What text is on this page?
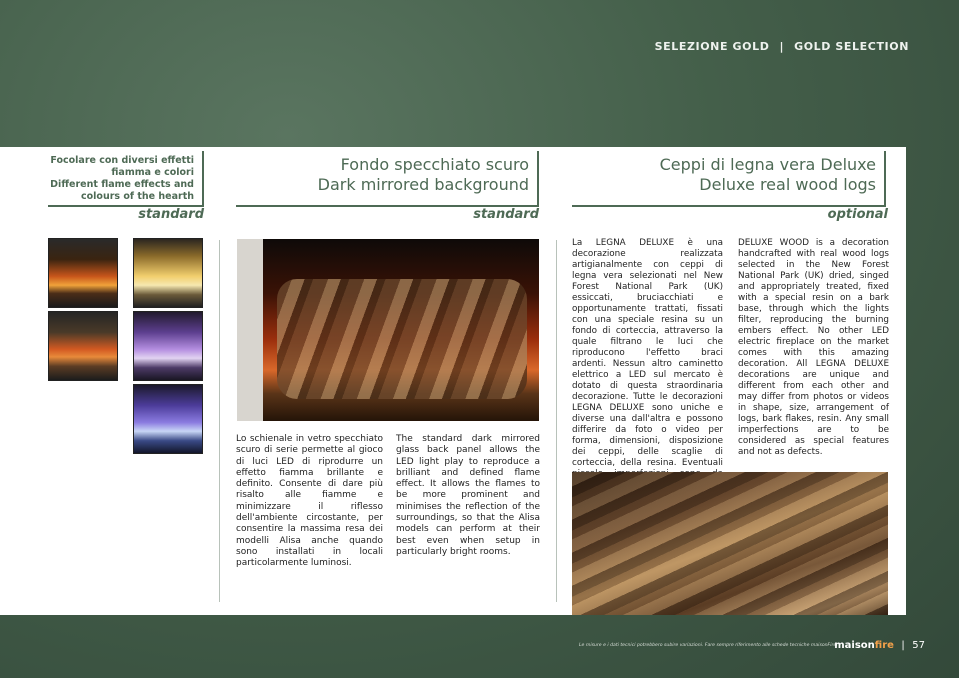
SELEZIONE GOLD | GOLD SELECTION
Focolare con diversi effetti fiamma e colori
Different flame effects and colours of the hearth
standard
Fondo specchiato scuro
Dark mirrored background
standard

Lo schienale in vetro specchiato scuro di serie permette al gioco di luci LED di riprodurre un effetto fiamma brillante e definito. Consente di dare più risalto alle fiamme e minimizzare il riflesso dell'ambiente circostante, per consentire la massima resa dei modelli Alisa anche quando sono installati in locali particolarmente luminosi.

The standard dark mirrored glass back panel allows the LED light play to reproduce a brilliant and defined flame effect. It allows the flames to be more prominent and minimises the reflection of the surroundings, so that the Alisa models can perform at their best even when setup in particularly bright rooms.

Ceppi di legna vera Deluxe
Deluxe real wood logs
optional

La LEGNA DELUXE è una decorazione realizzata artigianalmente con ceppi di legna vera selezionati nel New Forest National Park (UK) essiccati, bruciacchiati e opportunamente trattati, fissati con una speciale resina su un fondo di corteccia, attraverso la quale filtrano le luci che riproducono l'effetto braci ardenti. Nessun altro caminetto elettrico a LED sul mercato è dotato di questa straordinaria decorazione. Tutte le decorazioni LEGNA DELUXE sono uniche e diverse una dall'altra e possono differire da foto o video per forma, dimensioni, disposizione dei ceppi, delle scaglie di corteccia, della resina. Eventuali

DELUXE WOOD is a decoration handcrafted with real wood logs selected in the New Forest National Park (UK) dried, singed and appropriately treated, fixed with a special resin on a bark base, through which the lights filter, reproducing the burning embers effect. No other LED electric fireplace on the market comes with this amazing decoration. All LEGNA DELUXE decorations are unique and different from each other and may differ from photos or videos in shape, size, arrangement of logs, bark flakes, resin. Any small imperfections are to be considered as special features and not as defects.

Le misure e i dati tecnici potrebbero subire variazioni. Fare sempre riferimento alle schede tecniche maisonFire.
maisonfire | 57
